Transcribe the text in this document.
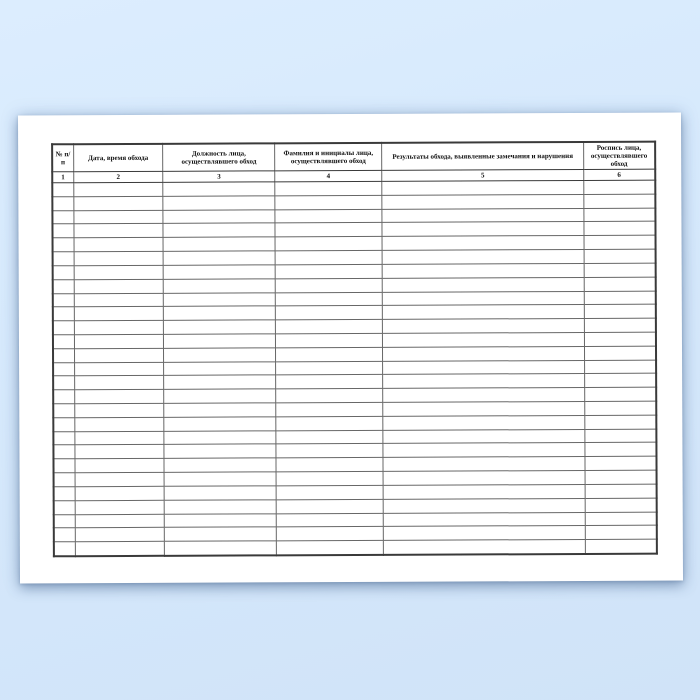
№ п/п	Дата, время обхода	Должность лица, осуществлявшего обход	Фамилия и инициалы лица, осуществлявшего обход	Результаты обхода, выявленные замечания и нарушения	Роспись лица, осуществлявшего обход
1	2	3	4	5	6
